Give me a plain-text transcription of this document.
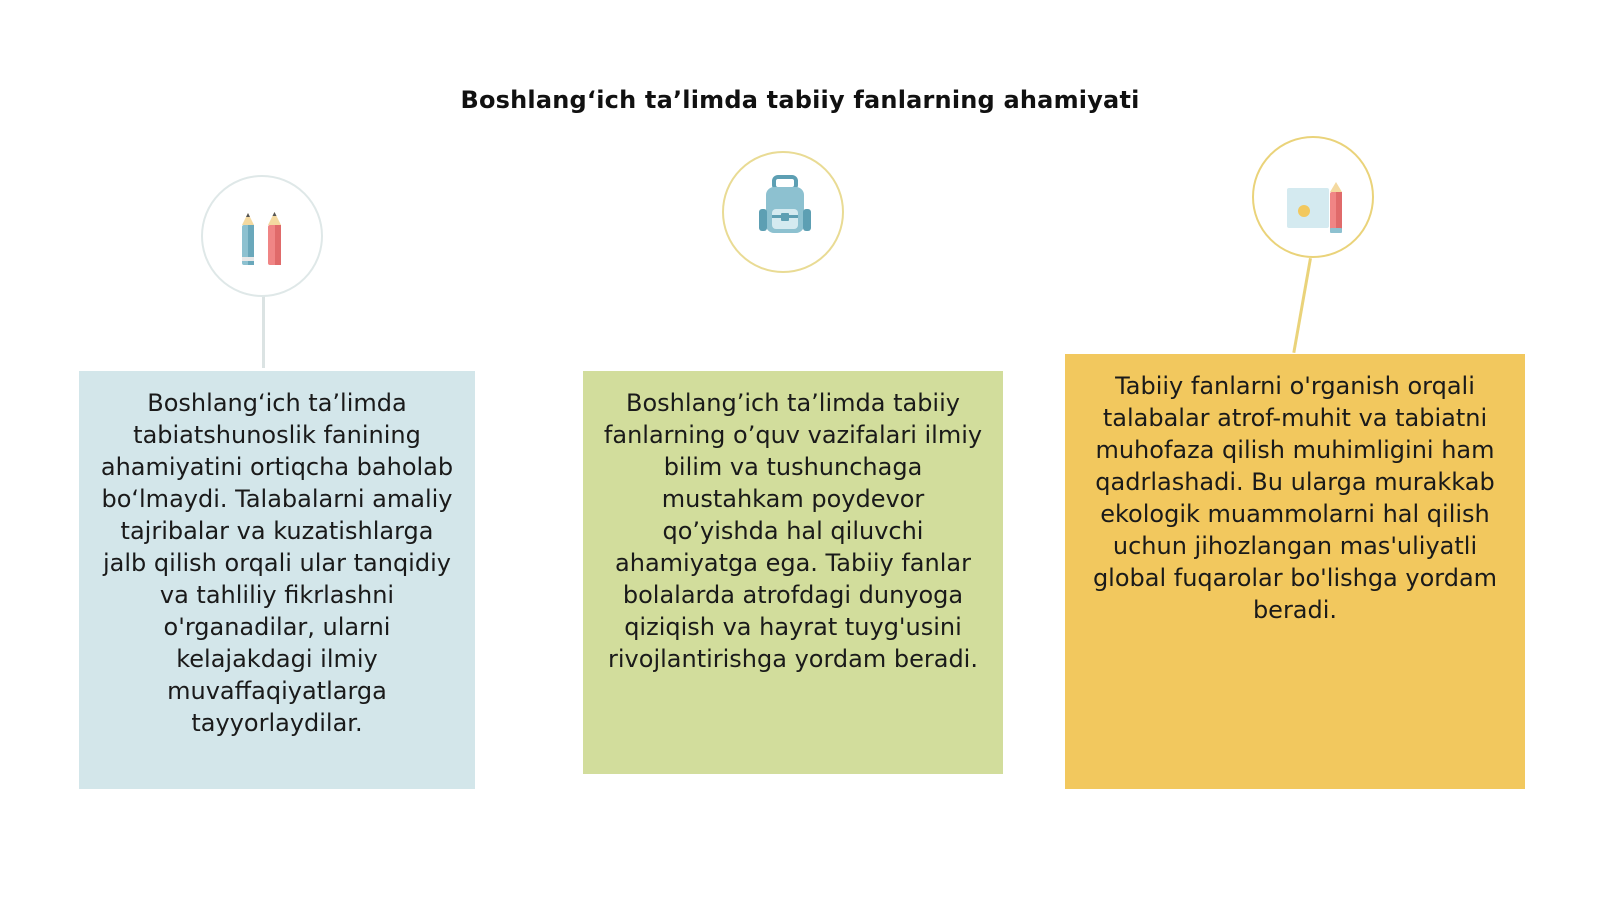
Boshlang‘ich ta’limda tabiiy fanlarning ahamiyati
Boshlang‘ich ta’limda tabiatshunoslik fanining ahamiyatini ortiqcha baholab bo‘lmaydi. Talabalarni amaliy tajribalar va kuzatishlarga jalb qilish orqali ular tanqidiy va tahliliy fikrlashni o'rganadilar, ularni kelajakdagi ilmiy muvaffaqiyatlarga tayyorlaydilar.
Boshlang’ich ta’limda tabiiy fanlarning o’quv vazifalari ilmiy bilim va tushunchaga mustahkam poydevor qo’yishda hal qiluvchi ahamiyatga ega. Tabiiy fanlar bolalarda atrofdagi dunyoga qiziqish va hayrat tuyg'usini rivojlantirishga yordam beradi.
Tabiiy fanlarni o'rganish orqali talabalar atrof-muhit va tabiatni muhofaza qilish muhimligini ham qadrlashadi. Bu ularga murakkab ekologik muammolarni hal qilish uchun jihozlangan mas'uliyatli global fuqarolar bo'lishga yordam beradi.
